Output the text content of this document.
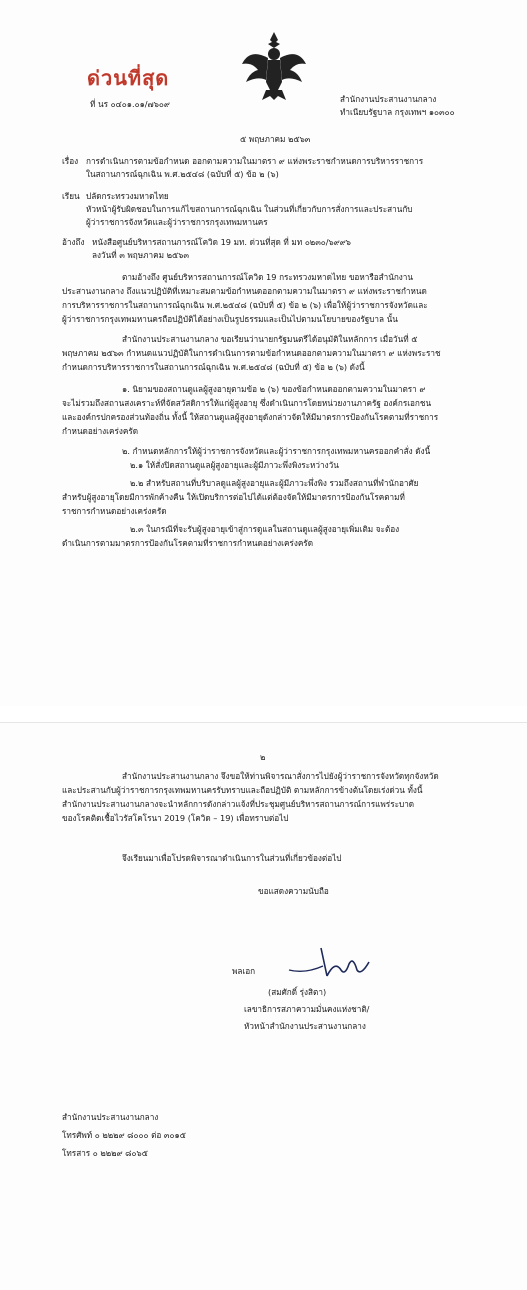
ด่วนที่สุด
ที่ นร ๐๔๐๑.๐๑/๗๖๐๙	สำนักงานประสานงานกลาง
ทำเนียบรัฐบาล กรุงเทพฯ ๑๐๓๐๐
๕ พฤษภาคม ๒๕๖๓
เรื่อง การดำเนินการตามข้อกำหนด ออกตามความในมาตรา ๙ แห่งพระราชกำหนดการบริหารราชการ
ในสถานการณ์ฉุกเฉิน พ.ศ.๒๕๔๘ (ฉบับที่ ๕) ข้อ ๒ (๖)
เรียน ปลัดกระทรวงมหาดไทย
หัวหน้าผู้รับผิดชอบในการแก้ไขสถานการณ์ฉุกเฉิน ในส่วนที่เกี่ยวกับการสั่งการและประสานกับ
ผู้ว่าราชการจังหวัดและผู้ว่าราชการกรุงเทพมหานคร
อ้างถึง หนังสือศูนย์บริหารสถานการณ์โควิด 19 มท. ด่วนที่สุด ที่ มท ๐๒๓๐/๖๙๙๖
ลงวันที่ ๓ พฤษภาคม ๒๕๖๓
ตามอ้างถึง ศูนย์บริหารสถานการณ์โควิด 19 กระทรวงมหาดไทย ขอหารือสำนักงาน
ประสานงานกลาง ถึงแนวปฏิบัติที่เหมาะสมตามข้อกำหนดออกตามความในมาตรา ๙ แห่งพระราชกำหนด
การบริหารราชการในสถานการณ์ฉุกเฉิน พ.ศ.๒๕๔๘ (ฉบับที่ ๕) ข้อ ๒ (๖) เพื่อให้ผู้ว่าราชการจังหวัดและ
ผู้ว่าราชการกรุงเทพมหานครถือปฏิบัติได้อย่างเป็นรูปธรรมและเป็นไปตามนโยบายของรัฐบาล นั้น
สำนักงานประสานงานกลาง ขอเรียนว่านายกรัฐมนตรีได้อนุมัติในหลักการ เมื่อวันที่ ๕
พฤษภาคม ๒๕๖๓ กำหนดแนวปฏิบัติในการดำเนินการตามข้อกำหนดออกตามความในมาตรา ๙ แห่งพระราช
กำหนดการบริหารราชการในสถานการณ์ฉุกเฉิน พ.ศ.๒๕๔๘ (ฉบับที่ ๕) ข้อ ๒ (๖) ดังนี้
๑. นิยามของสถานดูแลผู้สูงอายุตามข้อ ๒ (๖) ของข้อกำหนดออกตามความในมาตรา ๙
จะไม่รวมถึงสถานสงเคราะห์ที่จัดสวัสดิการให้แก่ผู้สูงอายุ ซึ่งดำเนินการโดยหน่วยงานภาครัฐ องค์กรเอกชน
และองค์กรปกครองส่วนท้องถิ่น ทั้งนี้ ให้สถานดูแลผู้สูงอายุดังกล่าวจัดให้มีมาตรการป้องกันโรคตามที่ราชการ
กำหนดอย่างเคร่งครัด
๒. กำหนดหลักการให้ผู้ว่าราชการจังหวัดและผู้ว่าราชการกรุงเทพมหานครออกคำสั่ง ดังนี้
๒.๑ ให้สั่งปิดสถานดูแลผู้สูงอายุและผู้มีภาวะพึ่งพิงระหว่างวัน
๒.๒ สำหรับสถานที่บริบาลดูแลผู้สูงอายุและผู้มีภาวะพึ่งพิง รวมถึงสถานที่พำนักอาศัย
สำหรับผู้สูงอายุโดยมีการพักค้างคืน ให้เปิดบริการต่อไปได้แต่ต้องจัดให้มีมาตรการป้องกันโรคตามที่
ราชการกำหนดอย่างเคร่งครัด
๒.๓ ในกรณีที่จะรับผู้สูงอายุเข้าสู่การดูแลในสถานดูแลผู้สูงอายุเพิ่มเติม จะต้อง
ดำเนินการตามมาตรการป้องกันโรคตามที่ราชการกำหนดอย่างเคร่งครัด
๒
สำนักงานประสานงานกลาง จึงขอให้ท่านพิจารณาสั่งการไปยังผู้ว่าราชการจังหวัดทุกจังหวัด
และประสานกับผู้ว่าราชการกรุงเทพมหานครรับทราบและถือปฏิบัติ ตามหลักการข้างต้นโดยเร่งด่วน ทั้งนี้
สำนักงานประสานงานกลางจะนำหลักการดังกล่าวแจ้งที่ประชุมศูนย์บริหารสถานการณ์การแพร่ระบาด
ของโรคติดเชื้อไวรัสโคโรนา 2019 (โควิด – 19) เพื่อทราบต่อไป
จึงเรียนมาเพื่อโปรดพิจารณาดำเนินการในส่วนที่เกี่ยวข้องต่อไป
ขอแสดงความนับถือ
พลเอก
(สมศักดิ์ รุ่งสิตา)
เลขาธิการสภาความมั่นคงแห่งชาติ/
หัวหน้าสำนักงานประสานงานกลาง
สำนักงานประสานงานกลาง
โทรศัพท์ ๐ ๒๒๒๙ ๘๐๐๐ ต่อ ๓๐๑๕
โทรสาร ๐ ๒๒๒๙ ๘๐๖๕
